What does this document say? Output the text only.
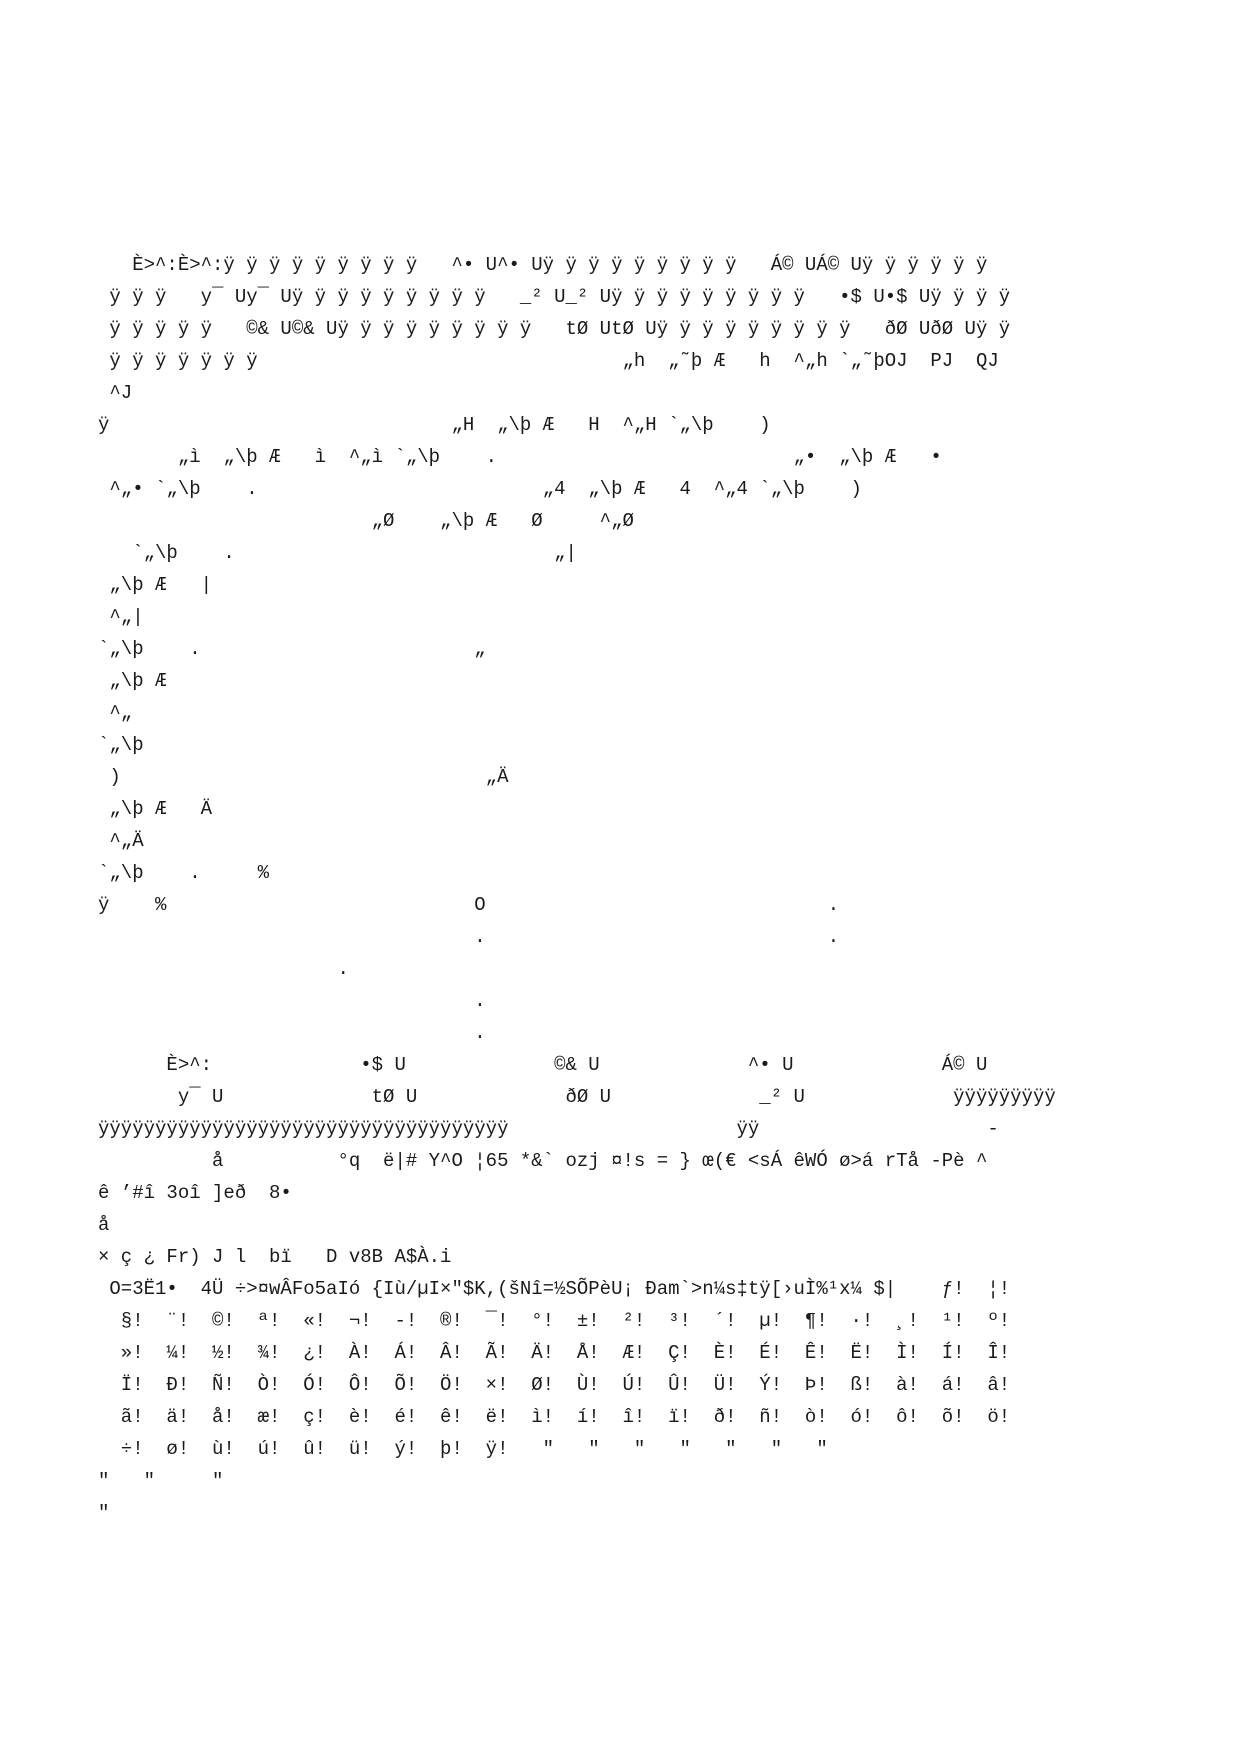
È>^:È>^:ÿ ÿ ÿ ÿ ÿ ÿ ÿ ÿ ÿ   ^• U^• Uÿ ÿ ÿ ÿ ÿ ÿ ÿ ÿ ÿ   Á© UÁ© Uÿ ÿ ÿ ÿ ÿ ÿ
ÿ ÿ ÿ   y¯ Uy¯ Uÿ ÿ ÿ ÿ ÿ ÿ ÿ ÿ ÿ   _² U_² Uÿ ÿ ÿ ÿ ÿ ÿ ÿ ÿ ÿ   •$ U•$ Uÿ ÿ ÿ ÿ
ÿ ÿ ÿ ÿ ÿ   ©& U©& Uÿ ÿ ÿ ÿ ÿ ÿ ÿ ÿ ÿ   tØ UtØ Uÿ ÿ ÿ ÿ ÿ ÿ ÿ ÿ ÿ   ðØ UðØ Uÿ ÿ
ÿ ÿ ÿ ÿ ÿ ÿ ÿ                                „h  „˜þ Æ   h  ^„h `„˜þOJ  PJ  QJ
^J
ÿ                              „H  „\þ Æ   H  ^„H `„\þ    )
„ì  „\þ Æ   ì  ^„ì `„\þ    .                          „•  „\þ Æ   •
^„• `„\þ    .                         „4  „\þ Æ   4  ^„4 `„\þ    )
„Ø    „\þ Æ   Ø     ^„Ø
`„\þ    .                            „|
„\þ Æ   |
^„|
`„\þ    .                        „
„\þ Æ
^„
`„\þ
)                                „Ä
„\þ Æ   Ä
^„Ä
`„\þ    .     %
ÿ    %                           O                              .
.                              .
.
.
.
È>^:             •$ U             ©& U             ^• U             Á© U
y¯ U             tØ U             ðØ U             _² U             ÿÿÿÿÿÿÿÿÿ
ÿÿÿÿÿÿÿÿÿÿÿÿÿÿÿÿÿÿÿÿÿÿÿÿÿÿÿÿÿÿÿÿÿÿÿÿ                    ÿÿ                    -
å          °q  ë|# Y^O ¦65 *&` ozj ¤!s = } œ(€ <sÁ êWÓ ø>á rTå -Pè ^
ê ’#î 3oî ]eð  8•
å
× ç ¿ Fr) J l  bï   D v8B A$À.i
O=3Ë1•  4Ü ÷>¤wÂFo5aIó {Iù/µI×"$K,(šNî=½SÕPèU¡ Ðam`>n¼s‡tÿ[›uÌ%¹x¼ $|    ƒ!  ¦!
§!  ¨!  ©!  ª!  «!  ¬!  -!  ®!  ¯!  °!  ±!  ²!  ³!  ´!  µ!  ¶!  ·!  ¸!  ¹!  º!
»!  ¼!  ½!  ¾!  ¿!  À!  Á!  Â!  Ã!  Ä!  Å!  Æ!  Ç!  È!  É!  Ê!  Ë!  Ì!  Í!  Î!
Ï!  Ð!  Ñ!  Ò!  Ó!  Ô!  Õ!  Ö!  ×!  Ø!  Ù!  Ú!  Û!  Ü!  Ý!  Þ!  ß!  à!  á!  â!
ã!  ä!  å!  æ!  ç!  è!  é!  ê!  ë!  ì!  í!  î!  ï!  ð!  ñ!  ò!  ó!  ô!  õ!  ö!
÷!  ø!  ù!  ú!  û!  ü!  ý!  þ!  ÿ!   "   "   "   "   "   "   "
"   "     "
"
